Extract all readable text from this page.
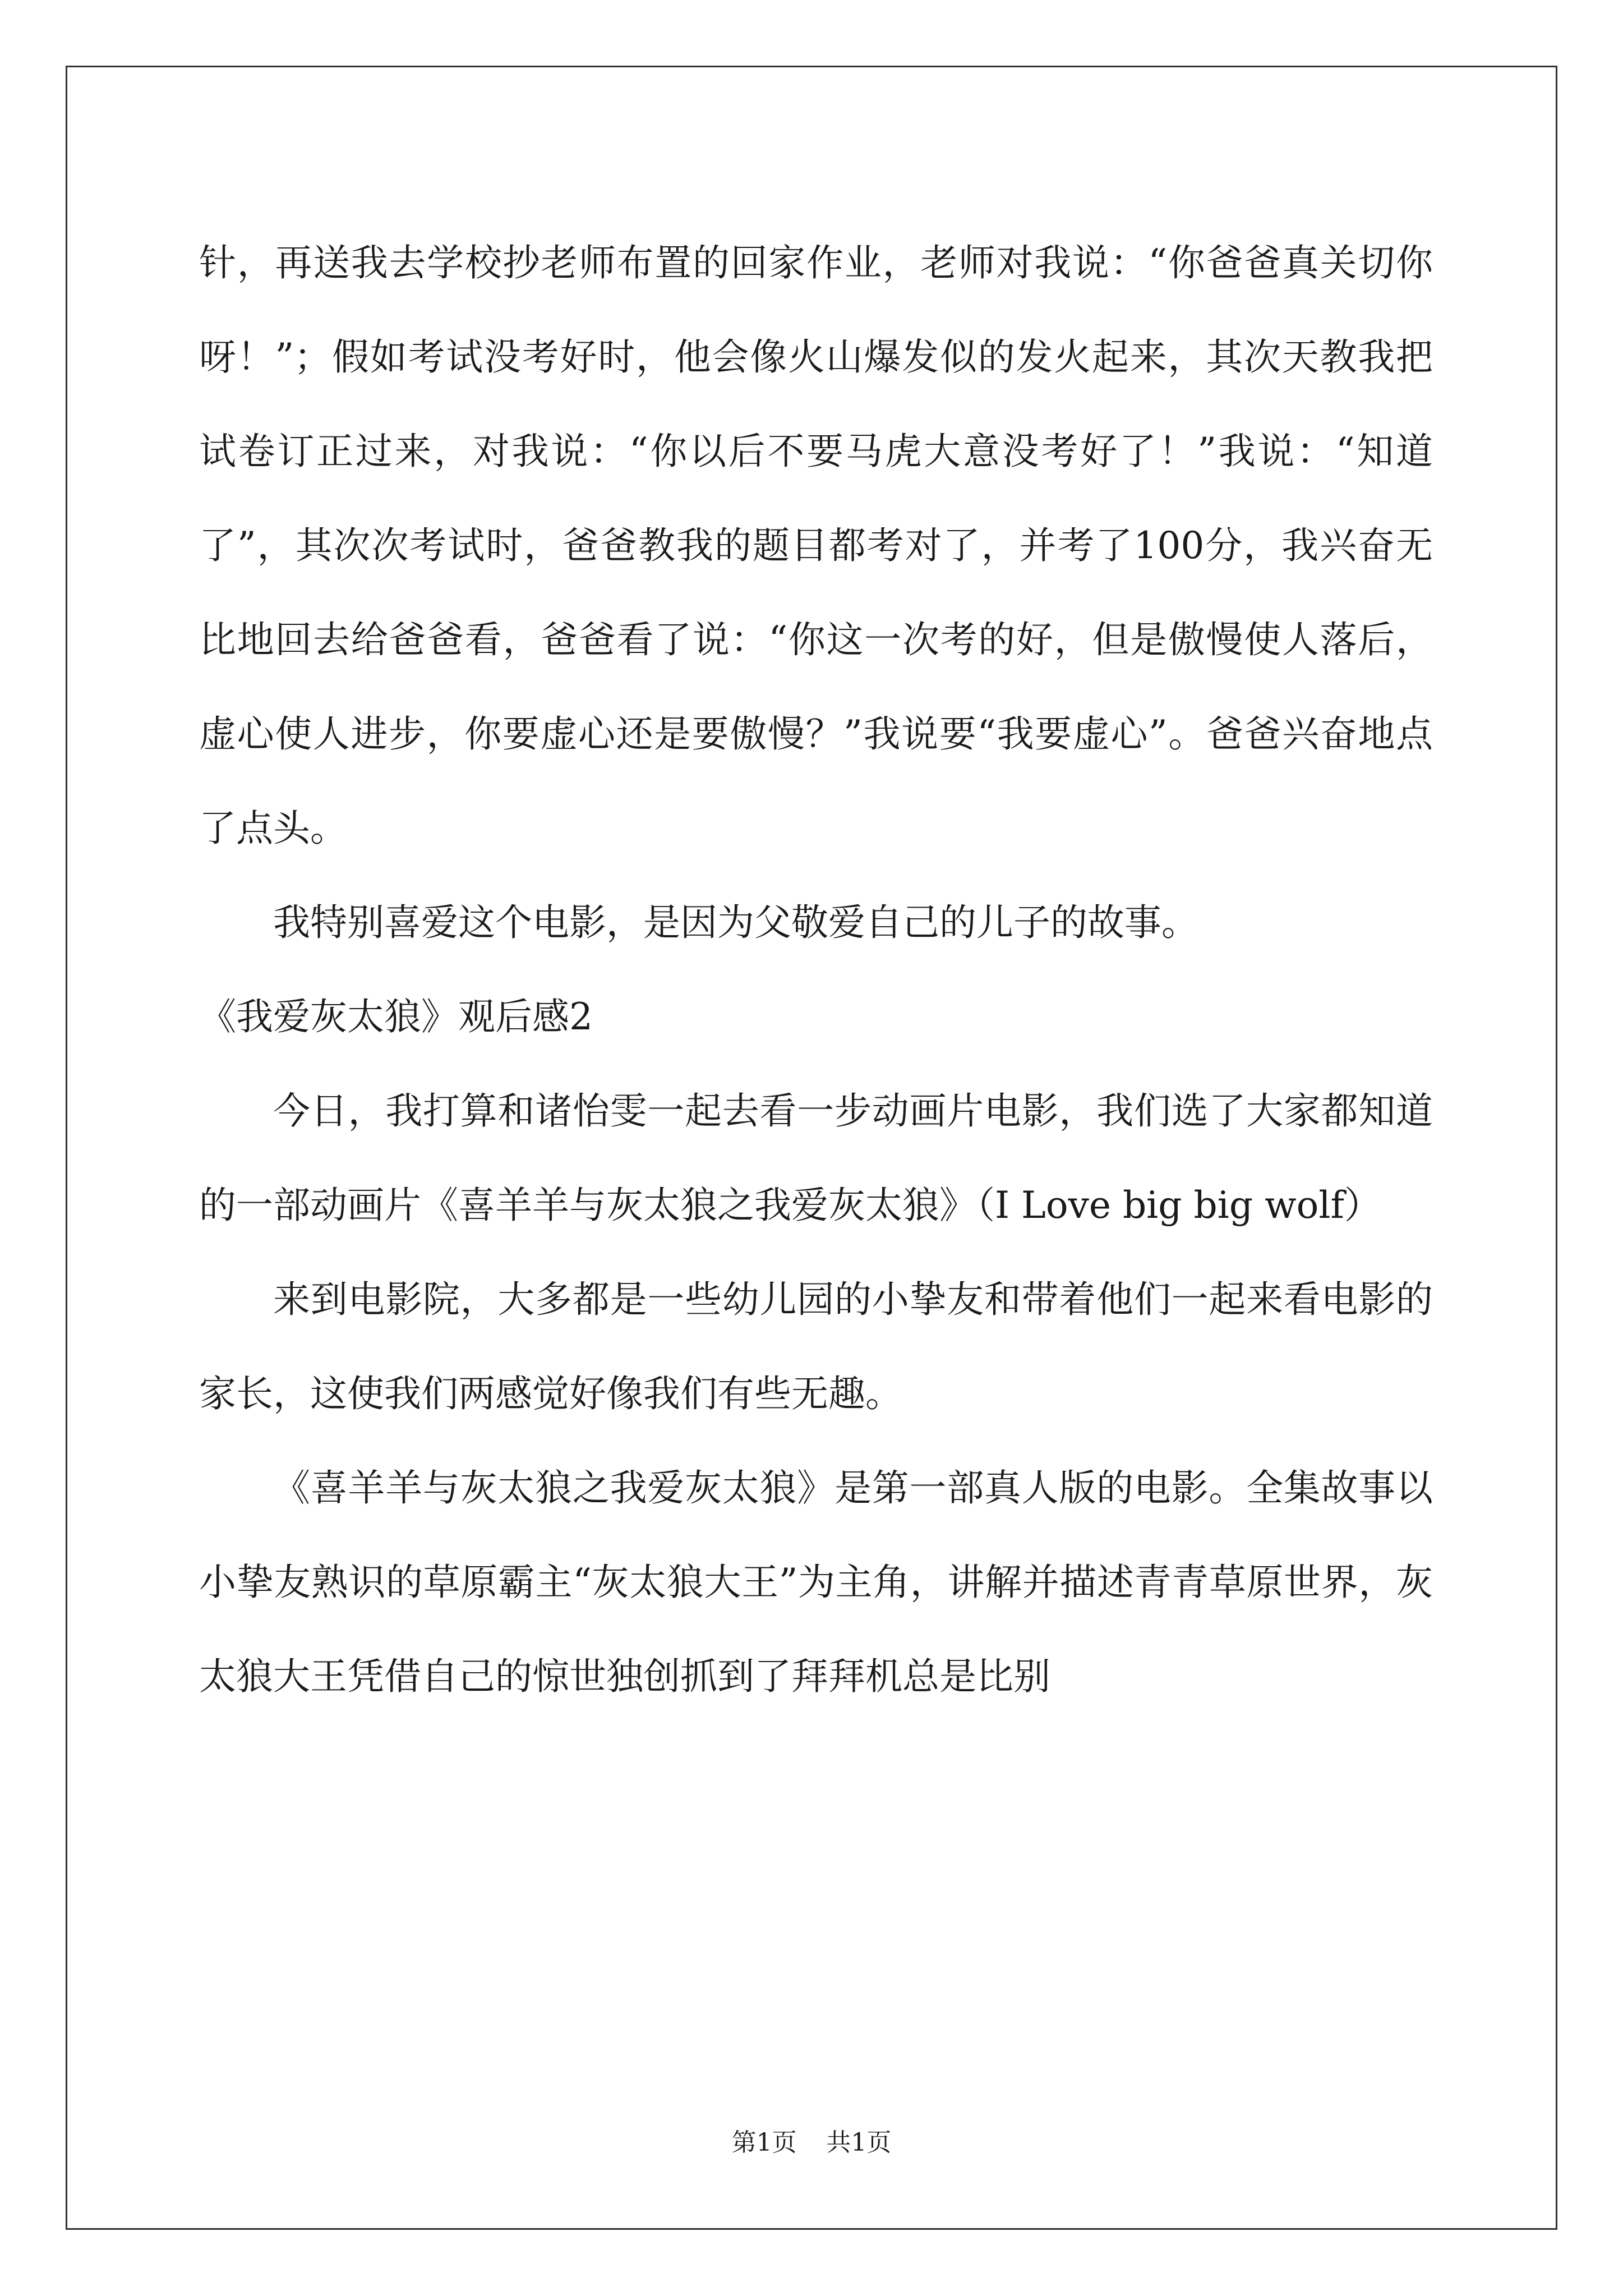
针，再送我去学校抄老师布置的回家作业，老师对我说：“你爸爸真关切你呀！”；假如考试没考好时，他会像火山爆发似的发火起来，其次天教我把试卷订正过来，对我说：“你以后不要马虎大意没考好了！”我说：“知道了”，其次次考试时，爸爸教我的题目都考对了，并考了100分，我兴奋无比地回去给爸爸看，爸爸看了说：“你这一次考的好，但是傲慢使人落后，虚心使人进步，你要虚心还是要傲慢？”我说要“我要虚心”。爸爸兴奋地点了点头。

我特别喜爱这个电影，是因为父敬爱自己的儿子的故事。

《我爱灰太狼》观后感2

今日，我打算和诸怡雯一起去看一步动画片电影，我们选了大家都知道的一部动画片《喜羊羊与灰太狼之我爱灰太狼》（I Love big big wolf）

来到电影院，大多都是一些幼儿园的小挚友和带着他们一起来看电影的家长，这使我们两感觉好像我们有些无趣。

《喜羊羊与灰太狼之我爱灰太狼》是第一部真人版的电影。全集故事以小挚友熟识的草原霸主“灰太狼大王”为主角，讲解并描述青青草原世界，灰太狼大王凭借自己的惊世独创抓到了拜拜机总是比别

第1页 共1页
